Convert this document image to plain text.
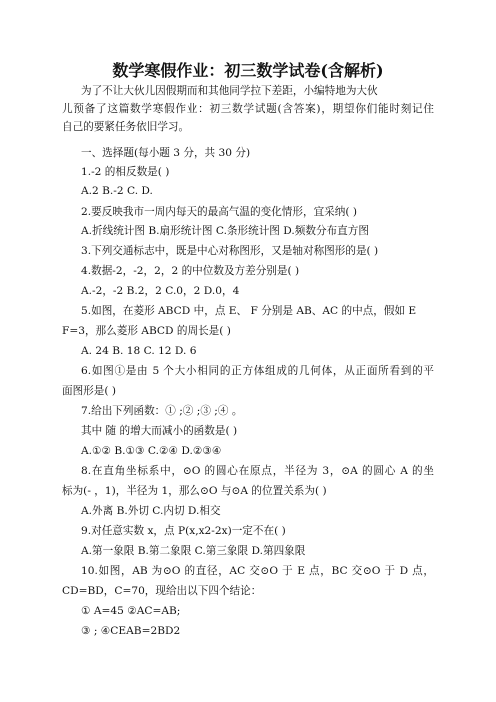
数学寒假作业：初三数学试卷(含解析)
为了不让大伙儿因假期而和其他同学拉下差距，小编特地为大伙
儿预备了这篇数学寒假作业：初三数学试题(含答案)，期望你们能时刻记住
自己的要紧任务依旧学习。
一、选择题(每小题 3 分，共 30 分)
1.-2 的相反数是( )
A.2 B.-2 C. D.
2.要反映我市一周内每天的最高气温的变化情形，宜采纳( )
A.折线统计图 B.扇形统计图 C.条形统计图 D.频数分布直方图
3.下列交通标志中，既是中心对称图形，又是轴对称图形的是( )
4.数据-2，-2，2，2 的中位数及方差分别是( )
A.-2，-2 B.2，2 C.0，2 D.0，4
5.如图，在菱形 ABCD 中，点 E、 F 分别是 AB、AC 的中点，假如 E
F=3，那么菱形 ABCD 的周长是( )
A. 24 B. 18 C. 12 D. 6
6.如图①是由 5 个大小相同的正方体组成的几何体，从正面所看到的平
面图形是( )
7.给出下列函数：① ;② ;③ ;④ 。
其中 随 的增大而减小的函数是( )
A.①② B.①③ C.②④ D.②③④
8.在直角坐标系中，⊙O 的圆心在原点，半径为 3，⊙A 的圆心 A 的坐
标为(- ，1)，半径为 1，那么⊙O 与⊙A 的位置关系为( )
A.外离 B.外切 C.内切 D.相交
9.对任意实数 x，点 P(x,x2-2x)一定不在( )
A.第一象限 B.第二象限 C.第三象限 D.第四象限
10.如图，AB 为⊙O 的直径，AC 交⊙O 于 E 点，BC 交⊙O 于 D 点，
CD=BD，C=70，现给出以下四个结论：
① A=45 ②AC=AB;
③ ; ④CEAB=2BD2
